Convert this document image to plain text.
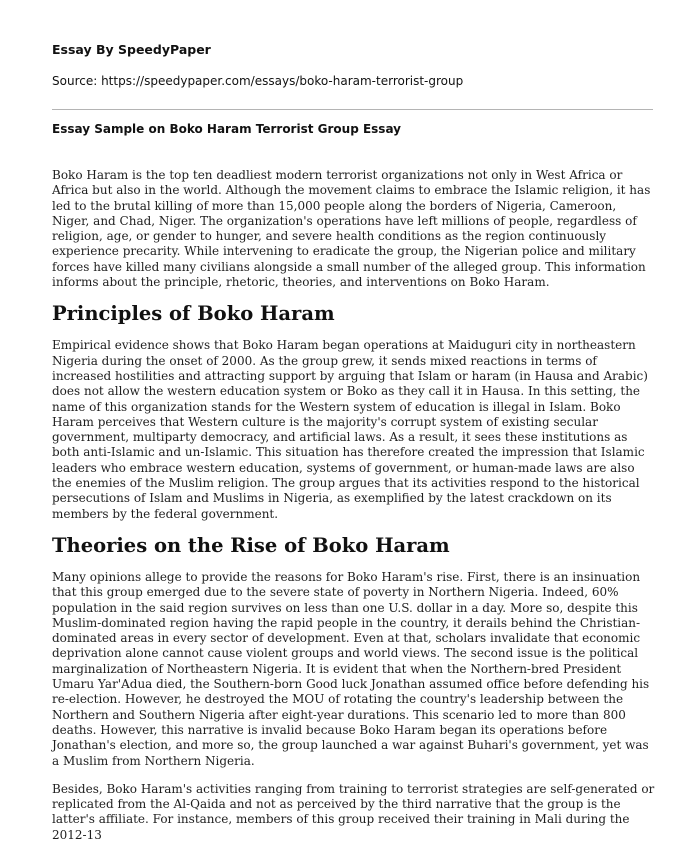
Essay By SpeedyPaper
Source: https://speedypaper.com/essays/boko-haram-terrorist-group
Essay Sample on Boko Haram Terrorist Group Essay

Boko Haram is the top ten deadliest modern terrorist organizations not only in West Africa or Africa but also in the world. Although the movement claims to embrace the Islamic religion, it has led to the brutal killing of more than 15,000 people along the borders of Nigeria, Cameroon, Niger, and Chad, Niger. The organization's operations have left millions of people, regardless of religion, age, or gender to hunger, and severe health conditions as the region continuously experience precarity. While intervening to eradicate the group, the Nigerian police and military forces have killed many civilians alongside a small number of the alleged group. This information informs about the principle, rhetoric, theories, and interventions on Boko Haram.

Principles of Boko Haram

Empirical evidence shows that Boko Haram began operations at Maiduguri city in northeastern Nigeria during the onset of 2000. As the group grew, it sends mixed reactions in terms of increased hostilities and attracting support by arguing that Islam or haram (in Hausa and Arabic) does not allow the western education system or Boko as they call it in Hausa. In this setting, the name of this organization stands for the Western system of education is illegal in Islam. Boko Haram perceives that Western culture is the majority's corrupt system of existing secular government, multiparty democracy, and artificial laws. As a result, it sees these institutions as both anti-Islamic and un-Islamic. This situation has therefore created the impression that Islamic leaders who embrace western education, systems of government, or human-made laws are also the enemies of the Muslim religion. The group argues that its activities respond to the historical persecutions of Islam and Muslims in Nigeria, as exemplified by the latest crackdown on its members by the federal government.

Theories on the Rise of Boko Haram

Many opinions allege to provide the reasons for Boko Haram's rise. First, there is an insinuation that this group emerged due to the severe state of poverty in Northern Nigeria. Indeed, 60% population in the said region survives on less than one U.S. dollar in a day. More so, despite this Muslim-dominated region having the rapid people in the country, it derails behind the Christian-dominated areas in every sector of development. Even at that, scholars invalidate that economic deprivation alone cannot cause violent groups and world views. The second issue is the political marginalization of Northeastern Nigeria. It is evident that when the Northern-bred President Umaru Yar'Adua died, the Southern-born Good luck Jonathan assumed office before defending his re-election. However, he destroyed the MOU of rotating the country's leadership between the Northern and Southern Nigeria after eight-year durations. This scenario led to more than 800 deaths. However, this narrative is invalid because Boko Haram began its operations before Jonathan's election, and more so, the group launched a war against Buhari's government, yet was a Muslim from Northern Nigeria.

Besides, Boko Haram's activities ranging from training to terrorist strategies are self-generated or replicated from the Al-Qaida and not as perceived by the third narrative that the group is the latter's affiliate. For instance, members of this group received their training in Mali during the 2012-13
